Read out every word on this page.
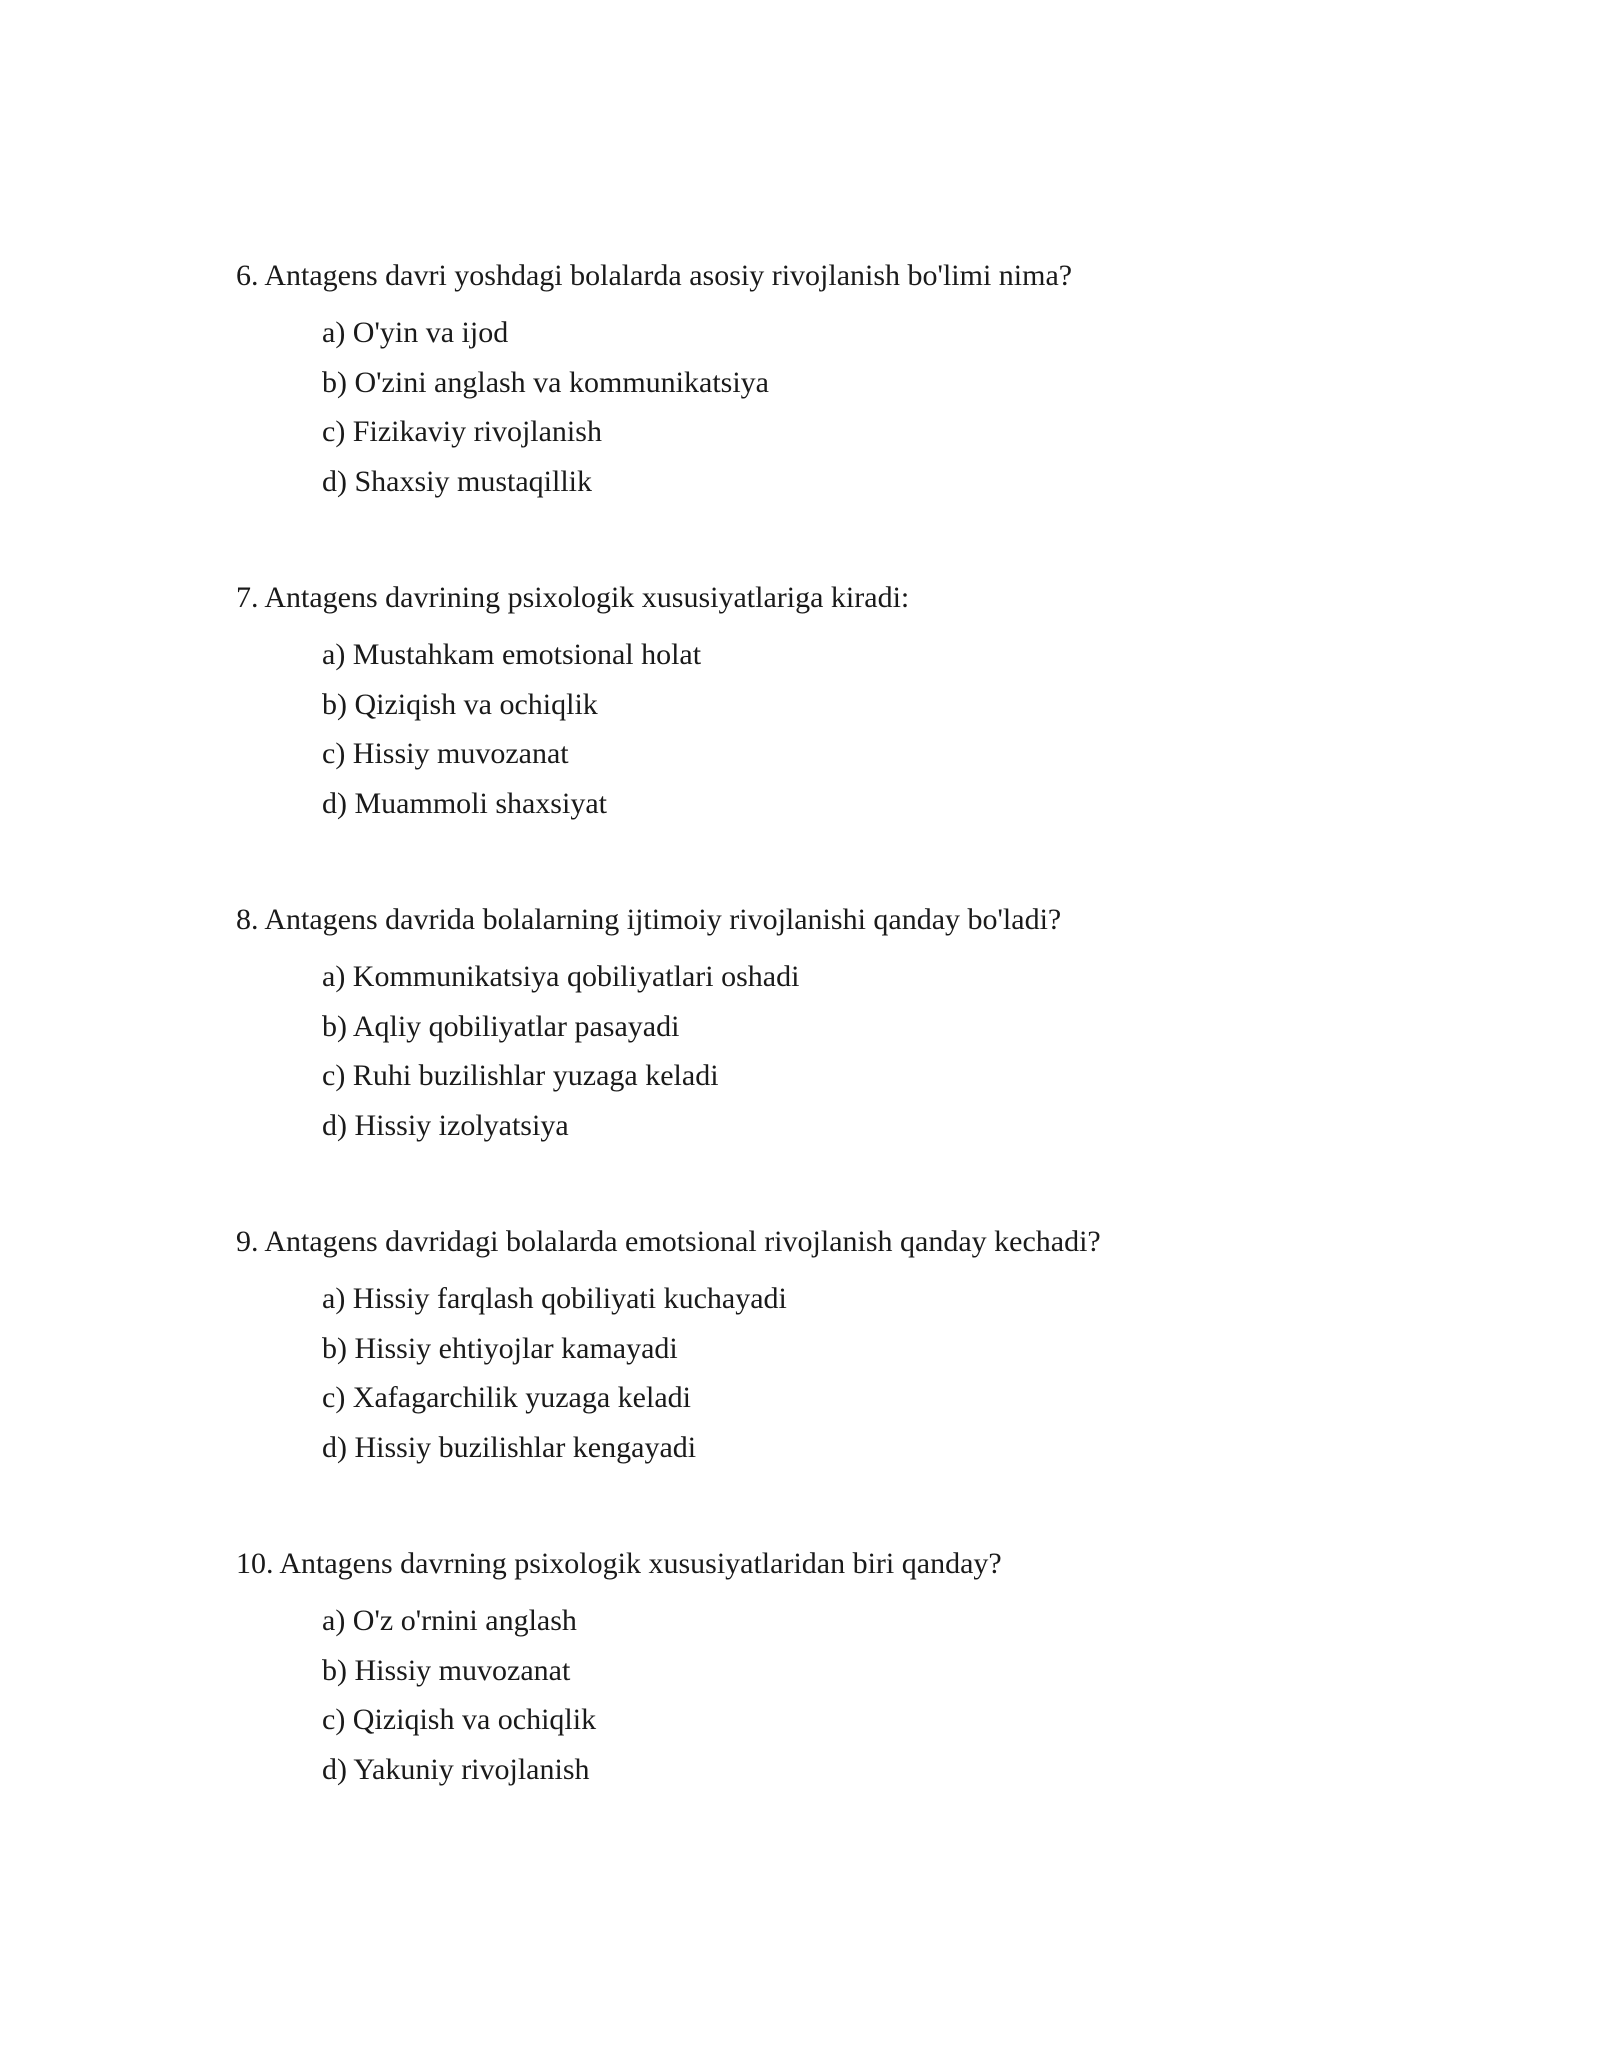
6. Antagens davri yoshdagi bolalarda asosiy rivojlanish bo'limi nima?

a) O'yin va ijod
b) O'zini anglash va kommunikatsiya
c) Fizikaviy rivojlanish
d) Shaxsiy mustaqillik

7. Antagens davrining psixologik xususiyatlariga kiradi:

a) Mustahkam emotsional holat
b) Qiziqish va ochiqlik
c) Hissiy muvozanat
d) Muammoli shaxsiyat

8. Antagens davrida bolalarning ijtimoiy rivojlanishi qanday bo'ladi?

a) Kommunikatsiya qobiliyatlari oshadi
b) Aqliy qobiliyatlar pasayadi
c) Ruhi buzilishlar yuzaga keladi
d) Hissiy izolyatsiya

9. Antagens davridagi bolalarda emotsional rivojlanish qanday kechadi?

a) Hissiy farqlash qobiliyati kuchayadi
b) Hissiy ehtiyojlar kamayadi
c) Xafagarchilik yuzaga keladi
d) Hissiy buzilishlar kengayadi

10. Antagens davrning psixologik xususiyatlaridan biri qanday?

a) O'z o'rnini anglash
b) Hissiy muvozanat
c) Qiziqish va ochiqlik
d) Yakuniy rivojlanish
